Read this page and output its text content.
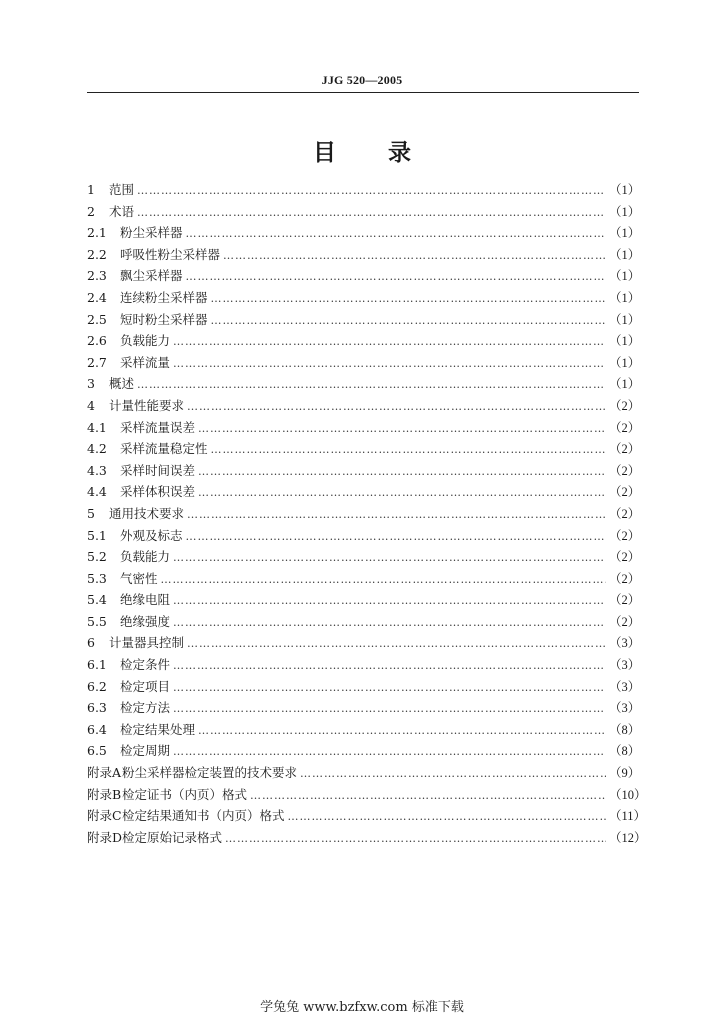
JJG 520—2005
目 录
1	范围 ………………………………………………………………………………………………………………………………………………	（1）
2	术语 ………………………………………………………………………………………………………………………………………………	（1）
2.1	粉尘采样器 ………………………………………………………………………………………………………………………………………………	（1）
2.2	呼吸性粉尘采样器 ………………………………………………………………………………………………………………………………………………	（1）
2.3	飘尘采样器 ………………………………………………………………………………………………………………………………………………	（1）
2.4	连续粉尘采样器 ………………………………………………………………………………………………………………………………………………	（1）
2.5	短时粉尘采样器 ………………………………………………………………………………………………………………………………………………	（1）
2.6	负载能力 ………………………………………………………………………………………………………………………………………………	（1）
2.7	采样流量 ………………………………………………………………………………………………………………………………………………	（1）
3	概述 ………………………………………………………………………………………………………………………………………………	（1）
4	计量性能要求 ………………………………………………………………………………………………………………………………………………	（2）
4.1	采样流量误差 ………………………………………………………………………………………………………………………………………………	（2）
4.2	采样流量稳定性 ………………………………………………………………………………………………………………………………………………	（2）
4.3	采样时间误差 ………………………………………………………………………………………………………………………………………………	（2）
4.4	采样体积误差 ………………………………………………………………………………………………………………………………………………	（2）
5	通用技术要求 ………………………………………………………………………………………………………………………………………………	（2）
5.1	外观及标志 ………………………………………………………………………………………………………………………………………………	（2）
5.2	负载能力 ………………………………………………………………………………………………………………………………………………	（2）
5.3	气密性 ………………………………………………………………………………………………………………………………………………	（2）
5.4	绝缘电阻 ………………………………………………………………………………………………………………………………………………	（2）
5.5	绝缘强度 ………………………………………………………………………………………………………………………………………………	（2）
6	计量器具控制 ………………………………………………………………………………………………………………………………………………	（3）
6.1	检定条件 ………………………………………………………………………………………………………………………………………………	（3）
6.2	检定项目 ………………………………………………………………………………………………………………………………………………	（3）
6.3	检定方法 ………………………………………………………………………………………………………………………………………………	（3）
6.4	检定结果处理 ………………………………………………………………………………………………………………………………………………	（8）
6.5	检定周期 ………………………………………………………………………………………………………………………………………………	（8）
附录A 粉尘采样器检定装置的技术要求 ………………………………………………………………………………………………………………………………………………	（9）
附录B 检定证书（内页）格式 ………………………………………………………………………………………………………………………………………………	（10）
附录C 检定结果通知书（内页）格式 ………………………………………………………………………………………………………………………………………………	（11）
附录D 检定原始记录格式 ………………………………………………………………………………………………………………………………………………	（12）
学兔兔 www.bzfxw.com 标准下载
